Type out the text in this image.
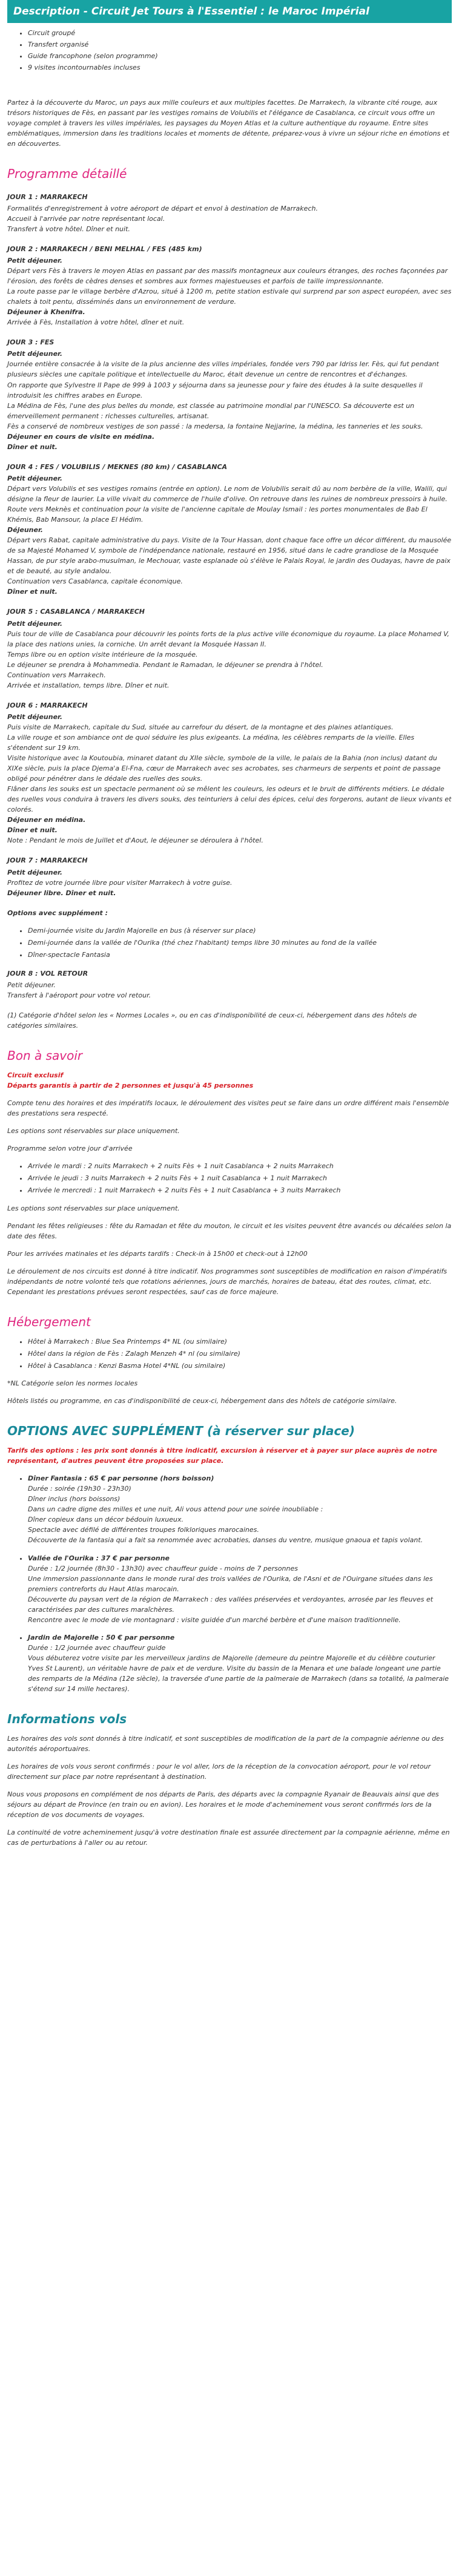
Description - Circuit Jet Tours à l'Essentiel : le Maroc Impérial
• Circuit groupé
• Transfert organisé
• Guide francophone (selon programme)
• 9 visites incontournables incluses

Partez à la découverte du Maroc, un pays aux mille couleurs et aux multiples facettes. De Marrakech, la vibrante cité rouge, aux trésors historiques de Fès, en passant par les vestiges romains de Volubilis et l'élégance de Casablanca, ce circuit vous offre un voyage complet à travers les villes impériales, les paysages du Moyen Atlas et la culture authentique du royaume. Entre sites emblématiques, immersion dans les traditions locales et moments de détente, préparez-vous à vivre un séjour riche en émotions et en découvertes.

Programme détaillé
JOUR 1 : MARRAKECH
Formalités d'enregistrement à votre aéroport de départ et envol à destination de Marrakech.
Accueil à l'arrivée par notre représentant local.
Transfert à votre hôtel. Dîner et nuit.
JOUR 2 : MARRAKECH / BENI MELHAL / FES (485 km)
Petit déjeuner.
Départ vers Fès à travers le moyen Atlas en passant par des massifs montagneux aux couleurs étranges, des roches façonnées par l'érosion, des forêts de cèdres denses et sombres aux formes majestueuses et parfois de taille impressionnante.
La route passe par le village berbère d'Azrou, situé à 1200 m, petite station estivale qui surprend par son aspect européen, avec ses chalets à toit pentu, disséminés dans un environnement de verdure.
Déjeuner à Khenifra.
Arrivée à Fès, Installation à votre hôtel, dîner et nuit.
JOUR 3 : FES
Petit déjeuner.
Journée entière consacrée à la visite de la plus ancienne des villes impériales, fondée vers 790 par Idriss Ier. Fès, qui fut pendant plusieurs siècles une capitale politique et intellectuelle du Maroc, était devenue un centre de rencontres et d'échanges.
On rapporte que Sylvestre II Pape de 999 à 1003 y séjourna dans sa jeunesse pour y faire des études à la suite desquelles il introduisit les chiffres arabes en Europe.
La Médina de Fès, l'une des plus belles du monde, est classée au patrimoine mondial par l'UNESCO. Sa découverte est un émerveillement permanent : richesses culturelles, artisanat.
Fès a conservé de nombreux vestiges de son passé : la medersa, la fontaine Nejjarine, la médina, les tanneries et les souks.
Déjeuner en cours de visite en médina.
Dîner et nuit.
JOUR 4 : FES / VOLUBILIS / MEKNES (80 km) / CASABLANCA
Petit déjeuner.
Départ vers Volubilis et ses vestiges romains (entrée en option). Le nom de Volubilis serait dû au nom berbère de la ville, Walili, qui désigne la fleur de laurier. La ville vivait du commerce de l'huile d'olive. On retrouve dans les ruines de nombreux pressoirs à huile.
Route vers Meknès et continuation pour la visite de l'ancienne capitale de Moulay Ismail : les portes monumentales de Bab El Khémis, Bab Mansour, la place El Hédim.
Déjeuner.
Départ vers Rabat, capitale administrative du pays. Visite de la Tour Hassan, dont chaque face offre un décor différent, du mausolée de sa Majesté Mohamed V, symbole de l'indépendance nationale, restauré en 1956, situé dans le cadre grandiose de la Mosquée Hassan, de pur style arabo-musulman, le Mechouar, vaste esplanade où s'élève le Palais Royal, le jardin des Oudayas, havre de paix et de beauté, au style andalou.
Continuation vers Casablanca, capitale économique.
Dîner et nuit.
JOUR 5 : CASABLANCA / MARRAKECH
Petit déjeuner.
Puis tour de ville de Casablanca pour découvrir les points forts de la plus active ville économique du royaume. La place Mohamed V, la place des nations unies, la corniche. Un arrêt devant la Mosquée Hassan II.
Temps libre ou en option visite intérieure de la mosquée.
Le déjeuner se prendra à Mohammedia. Pendant le Ramadan, le déjeuner se prendra à l'hôtel.
Continuation vers Marrakech.
Arrivée et installation, temps libre. Dîner et nuit.
JOUR 6 : MARRAKECH
Petit déjeuner.
Puis visite de Marrakech, capitale du Sud, située au carrefour du désert, de la montagne et des plaines atlantiques.
La ville rouge et son ambiance ont de quoi séduire les plus exigeants. La médina, les célèbres remparts de la vieille. Elles s'étendent sur 19 km.
Visite historique avec la Koutoubia, minaret datant du XIIe siècle, symbole de la ville, le palais de la Bahia (non inclus) datant du XIXe siècle, puis la place Djema'a El-Fna, cœur de Marrakech avec ses acrobates, ses charmeurs de serpents et point de passage obligé pour pénétrer dans le dédale des ruelles des souks.
Flâner dans les souks est un spectacle permanent où se mêlent les couleurs, les odeurs et le bruit de différents métiers. Le dédale des ruelles vous conduira à travers les divers souks, des teinturiers à celui des épices, celui des forgerons, autant de lieux vivants et colorés.
Déjeuner en médina.
Dîner et nuit.
Note : Pendant le mois de Juillet et d'Aout, le déjeuner se déroulera à l'hôtel.
JOUR 7 : MARRAKECH
Petit déjeuner.
Profitez de votre journée libre pour visiter Marrakech à votre guise.
Déjeuner libre. Dîner et nuit.

Options avec supplément :

• Demi-journée visite du Jardin Majorelle en bus (à réserver sur place)
• Demi-journée dans la vallée de l'Ourika (thé chez l'habitant) temps libre 30 minutes au fond de la vallée
• Dîner-spectacle Fantasia
JOUR 8 : VOL RETOUR
Petit déjeuner.
Transfert à l'aéroport pour votre vol retour.

(1) Catégorie d'hôtel selon les « Normes Locales », ou en cas d'indisponibilité de ceux-ci, hébergement dans des hôtels de catégories similaires.

Bon à savoir
Circuit exclusif

Départs garantis à partir de 2 personnes et jusqu'à 45 personnes

Compte tenu des horaires et des impératifs locaux, le déroulement des visites peut se faire dans un ordre différent mais l'ensemble des prestations sera respecté.

Les options sont réservables sur place uniquement.

Programme selon votre jour d'arrivée

• Arrivée le mardi : 2 nuits Marrakech + 2 nuits Fès + 1 nuit Casablanca + 2 nuits Marrakech
• Arrivée le jeudi : 3 nuits Marrakech + 2 nuits Fès + 1 nuit Casablanca + 1 nuit Marrakech
• Arrivée le mercredi : 1 nuit Marrakech + 2 nuits Fès + 1 nuit Casablanca + 3 nuits Marrakech

Les options sont réservables sur place uniquement.

Pendant les fêtes religieuses : fête du Ramadan et fête du mouton, le circuit et les visites peuvent être avancés ou décalées selon la date des fêtes.

Pour les arrivées matinales et les départs tardifs : Check-in à 15h00 et check-out à 12h00

Le déroulement de nos circuits est donné à titre indicatif. Nos programmes sont susceptibles de modification en raison d'impératifs indépendants de notre volonté tels que rotations aériennes, jours de marchés, horaires de bateau, état des routes, climat, etc. Cependant les prestations prévues seront respectées, sauf cas de force majeure.

Hébergement
• Hôtel à Marrakech : Blue Sea Printemps 4* NL (ou similaire)
• Hôtel dans la région de Fès : Zalagh Menzeh 4* nl (ou similaire)
• Hôtel à Casablanca : Kenzi Basma Hotel 4*NL (ou similaire)

*NL Catégorie selon les normes locales

Hôtels listés ou programme, en cas d'indisponibilité de ceux-ci, hébergement dans des hôtels de catégorie similaire.

OPTIONS AVEC SUPPLÉMENT (à réserver sur place)

Tarifs des options : les prix sont donnés à titre indicatif, excursion à réserver et à payer sur place auprès de notre représentant, d'autres peuvent être proposées sur place.

• Dîner Fantasia : 65 € par personne (hors boisson)
Durée : soirée (19h30 - 23h30)
Dîner inclus (hors boissons)
Dans un cadre digne des milles et une nuit, Ali vous attend pour une soirée inoubliable :
Dîner copieux dans un décor bédouin luxueux.
Spectacle avec défilé de différentes troupes folkloriques marocaines.
Découverte de la fantasia qui a fait sa renommée avec acrobaties, danses du ventre, musique gnaoua et tapis volant.
• Vallée de l'Ourika : 37 € par personne
Durée : 1/2 journée (8h30 - 13h30) avec chauffeur guide - moins de 7 personnes
Une immersion passionnante dans le monde rural des trois vallées de l'Ourika, de l'Asni et de l'Ouirgane situées dans les premiers contreforts du Haut Atlas marocain.
Découverte du paysan vert de la région de Marrakech : des vallées préservées et verdoyantes, arrosée par les fleuves et caractérisées par des cultures maraîchères.
Rencontre avec le mode de vie montagnard : visite guidée d'un marché berbère et d'une maison traditionnelle.
• Jardin de Majorelle : 50 € par personne
Durée : 1/2 journée avec chauffeur guide
Vous débuterez votre visite par les merveilleux jardins de Majorelle (demeure du peintre Majorelle et du célèbre couturier Yves St Laurent), un véritable havre de paix et de verdure. Visite du bassin de la Menara et une balade longeant une partie des remparts de la Médina (12e siècle), la traversée d'une partie de la palmeraie de Marrakech (dans sa totalité, la palmeraie s'étend sur 14 mille hectares).
Informations vols

Les horaires des vols sont donnés à titre indicatif, et sont susceptibles de modification de la part de la compagnie aérienne ou des autorités aéroportuaires.

Les horaires de vols vous seront confirmés : pour le vol aller, lors de la réception de la convocation aéroport, pour le vol retour directement sur place par notre représentant à destination.

Nous vous proposons en complément de nos départs de Paris, des départs avec la compagnie Ryanair de Beauvais ainsi que des séjours au départ de Province (en train ou en avion). Les horaires et le mode d'acheminement vous seront confirmés lors de la réception de vos documents de voyages.

La continuité de votre acheminement jusqu'à votre destination finale est assurée directement par la compagnie aérienne, même en cas de perturbations à l'aller ou au retour.
